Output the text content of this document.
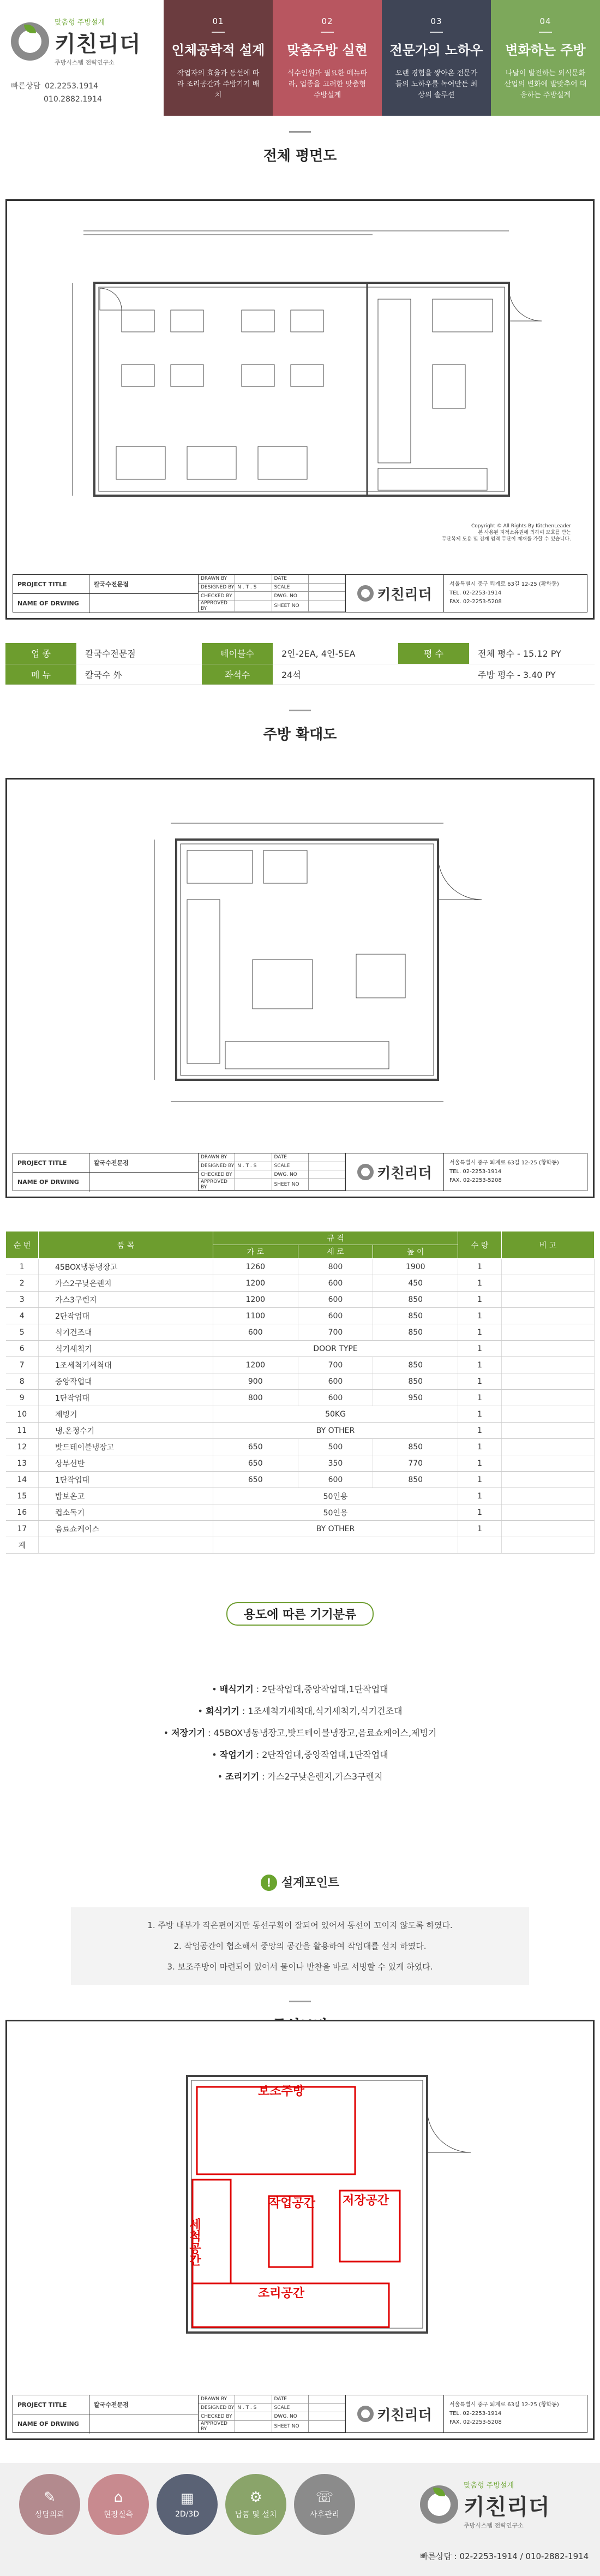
맞춤형 주방설계
키친리더
주방시스템 전략연구소
빠른상담 02.2253.1914
010.2882.1914
01
인체공학적 설계
작업자의 효율과 동선에 따라 조리공간과 주방기기 배치
02
맞춤주방 실현
식수인원과 필요한 메뉴따라, 업종을 고려한 맞춤형 주방설계
03
전문가의 노하우
오랜 경험을 쌓아온 전문가들의 노하우를 녹여만든 최상의 솔루션
04
변화하는 주방
나날이 발전하는 외식문화 산업의 변화에 발맞추어 대응하는 주방설계
전체 평면도
Copyright © All Rights By KitchenLeader
본 사용된 지적소유권에 의하여 보호를 받는
무단복제 도용 및 전재 엄격 무단이 제재를 가할 수 있습니다.
PROJECT TITLE	칼국수전문점
NAME OF DRWING
DRAWN BY	DATE
DESIGNED BY N . T . S	SCALE
CHECKED BY	DWG. NO
APPROVED BY	SHEET NO
키친리더
서울특별시 중구 퇴계로 63길 12-25 (황학동)
TEL. 02-2253-1914
FAX. 02-2253-5208
업 종	칼국수전문점	테이블수	2인-2EA, 4인-5EA	평 수	전체 평수 - 15.12 PY
메 뉴	칼국수 外	좌석수	24석		주방 평수 - 3.40 PY
주방 확대도
PROJECT TITLE	칼국수전문점
NAME OF DRWING
DRAWN BY	DATE
DESIGNED BY N . T . S	SCALE
CHECKED BY	DWG. NO
APPROVED BY	SHEET NO
키친리더
서울특별시 중구 퇴계로 63길 12-25 (황학동)
TEL. 02-2253-1914
FAX. 02-2253-5208
순 번	품 목	규 격			수 량	비 고
		가 로	세 로	높 이		
1	45BOX냉동냉장고	1260	800	1900	1	
2	가스2구낮은렌지	1200	600	450	1	
3	가스3구렌지	1200	600	850	1	
4	2단작업대	1100	600	850	1	
5	식기건조대	600	700	850	1	
6	식기세척기	DOOR TYPE			1	
7	1조세척기세척대	1200	700	850	1	
8	중앙작업대	900	600	850	1	
9	1단작업대	800	600	950	1	
10	제빙기	50KG			1	
11	냉.온정수기	BY OTHER			1	
12	밧드테이블냉장고	650	500	850	1	
13	상부선반	650	350	770	1	
14	1단작업대	650	600	850	1	
15	밥보온고	50인용			1	
16	컵소독기	50인용			1	
17	음료쇼케이스	BY OTHER			1	
계						
용도에 따른 기기분류
• 배식기기 : 2단작업대,중앙작업대,1단작업대
• 회식기기 : 1조세척기세척대,식기세척기,식기건조대
• 저장기기 : 45BOX냉동냉장고,밧드테이블냉장고,음료쇼케이스,제빙기
• 작업기기 : 2단작업대,중앙작업대,1단작업대
• 조리기기 : 가스2구낮은렌지,가스3구렌지
! 설계포인트
1. 주방 내부가 작은편이지만 동선구획이 잘되어 있어서 동선이 꼬이지 않도록 하였다.
2. 작업공간이 협소해서 중앙의 공간을 활용하여 작업대를 설치 하였다.
3. 보조주방이 마련되어 있어서 물이나 반찬을 바로 서빙할 수 있게 하였다.
보조주방
세척공간
작업공간 저장공간
조리공간
PROJECT TITLE	칼국수전문점
NAME OF DRWING
DRAWN BY	DATE
DESIGNED BY N . T . S	SCALE
CHECKED BY	DWG. NO
APPROVED BY	SHEET NO
키친리더
서울특별시 중구 퇴계로 63길 12-25 (황학동)
TEL. 02-2253-1914
FAX. 02-2253-5208
✎
상담의뢰
⌂
현장실측
▦
2D/3D
⚙
납품 및 설치
☏
사후관리
맞춤형 주방설계
키친리더
주방시스템 전략연구소
빠른상담 : 02-2253-1914 / 010-2882-1914
